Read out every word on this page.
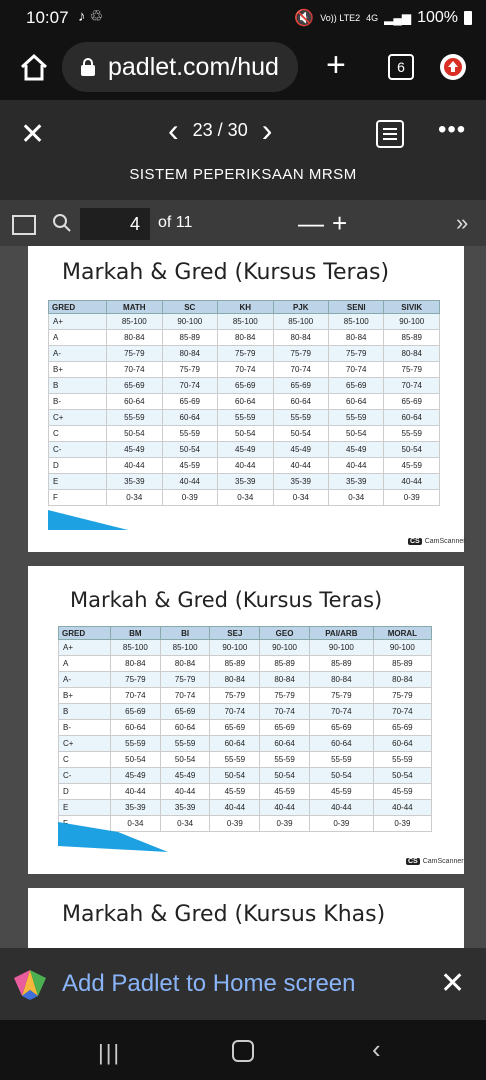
10:07 ♪ ♲	🔇 Vo)) LTE2 4G ▂▄▆ 100%
padlet.com/hud +	6
✕	‹ 23 / 30 ›	•••
SISTEM PEPERIKSAAN MRSM
4	of 11	— +	»
Markah & Gred (Kursus Teras)
GRED	MATH	SC	KH	PJK	SENI	SIVIK
A+	85-100	90-100	85-100	85-100	85-100	90-100
A	80-84	85-89	80-84	80-84	80-84	85-89
A-	75-79	80-84	75-79	75-79	75-79	80-84
B+	70-74	75-79	70-74	70-74	70-74	75-79
B	65-69	70-74	65-69	65-69	65-69	70-74
B-	60-64	65-69	60-64	60-64	60-64	65-69
C+	55-59	60-64	55-59	55-59	55-59	60-64
C	50-54	55-59	50-54	50-54	50-54	55-59
C-	45-49	50-54	45-49	45-49	45-49	50-54
D	40-44	45-59	40-44	40-44	40-44	45-59
E	35-39	40-44	35-39	35-39	35-39	40-44
F	0-34	0-39	0-34	0-34	0-34	0-39
CS CamScanner
Markah & Gred (Kursus Teras)
GRED	BM	BI	SEJ	GEO	PAI/ARB	MORAL
A+	85-100	85-100	90-100	90-100	90-100	90-100
A	80-84	80-84	85-89	85-89	85-89	85-89
A-	75-79	75-79	80-84	80-84	80-84	80-84
B+	70-74	70-74	75-79	75-79	75-79	75-79
B	65-69	65-69	70-74	70-74	70-74	70-74
B-	60-64	60-64	65-69	65-69	65-69	65-69
C+	55-59	55-59	60-64	60-64	60-64	60-64
C	50-54	50-54	55-59	55-59	55-59	55-59
C-	45-49	45-49	50-54	50-54	50-54	50-54
D	40-44	40-44	45-59	45-59	45-59	45-59
E	35-39	35-39	40-44	40-44	40-44	40-44
	0-34	0-34	0-39	0-39	0-39	0-39
CS CamScanner
Markah & Gred (Kursus Khas)
Add Padlet to Home screen	✕
|||	‹
